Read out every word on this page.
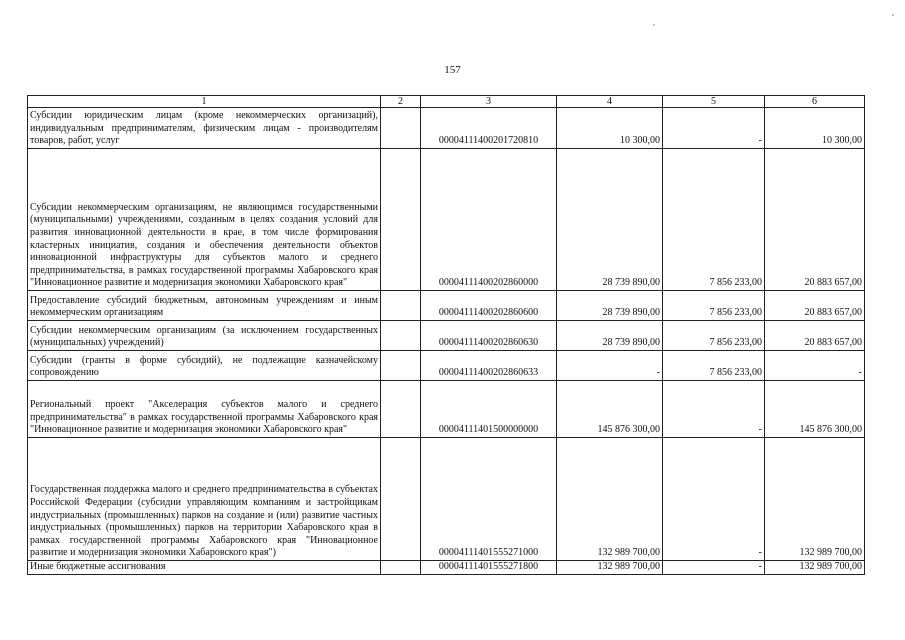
157
1	2	3	4	5	6
Субсидии юридическим лицам (кроме некоммерческих организаций), индивидуальным предпринимателям, физическим лицам - производителям товаров, работ, услуг		00004111400201720810	10 300,00	-	10 300,00
Субсидии некоммерческим организациям, не являющимся государственными (муниципальными) учреждениями, созданным в целях создания условий для развития инновационной деятельности в крае, в том числе формирования кластерных инициатив, создания и обеспечения деятельности объектов инновационной инфраструктуры для субъектов малого и среднего предпринимательства, в рамках государственной программы Хабаровского края "Инновационное развитие и модернизация экономики Хабаровского края"		00004111400202860000	28 739 890,00	7 856 233,00	20 883 657,00
Предоставление субсидий бюджетным, автономным учреждениям и иным некоммерческим организациям		00004111400202860600	28 739 890,00	7 856 233,00	20 883 657,00
Субсидии некоммерческим организациям (за исключением государственных (муниципальных) учреждений)		00004111400202860630	28 739 890,00	7 856 233,00	20 883 657,00
Субсидии (гранты в форме субсидий), не подлежащие казначейскому сопровождению		00004111400202860633	-	7 856 233,00	-
Региональный проект "Акселерация субъектов малого и среднего предпринимательства" в рамках государственной программы Хабаровского края "Инновационное развитие и модернизация экономики Хабаровского края"		00004111401500000000	145 876 300,00	-	145 876 300,00
Государственная поддержка малого и среднего предпринимательства в субъектах Российской Федерации (субсидии управляющим компаниям и застройщикам индустриальных (промышленных) парков на создание и (или) развитие частных индустриальных (промышленных) парков на территории Хабаровского края в рамках государственной программы Хабаровского края "Инновационное развитие и модернизация экономики Хабаровского края")		00004111401555271000	132 989 700,00	-	132 989 700,00
Иные бюджетные ассигнования		00004111401555271800	132 989 700,00	-	132 989 700,00
